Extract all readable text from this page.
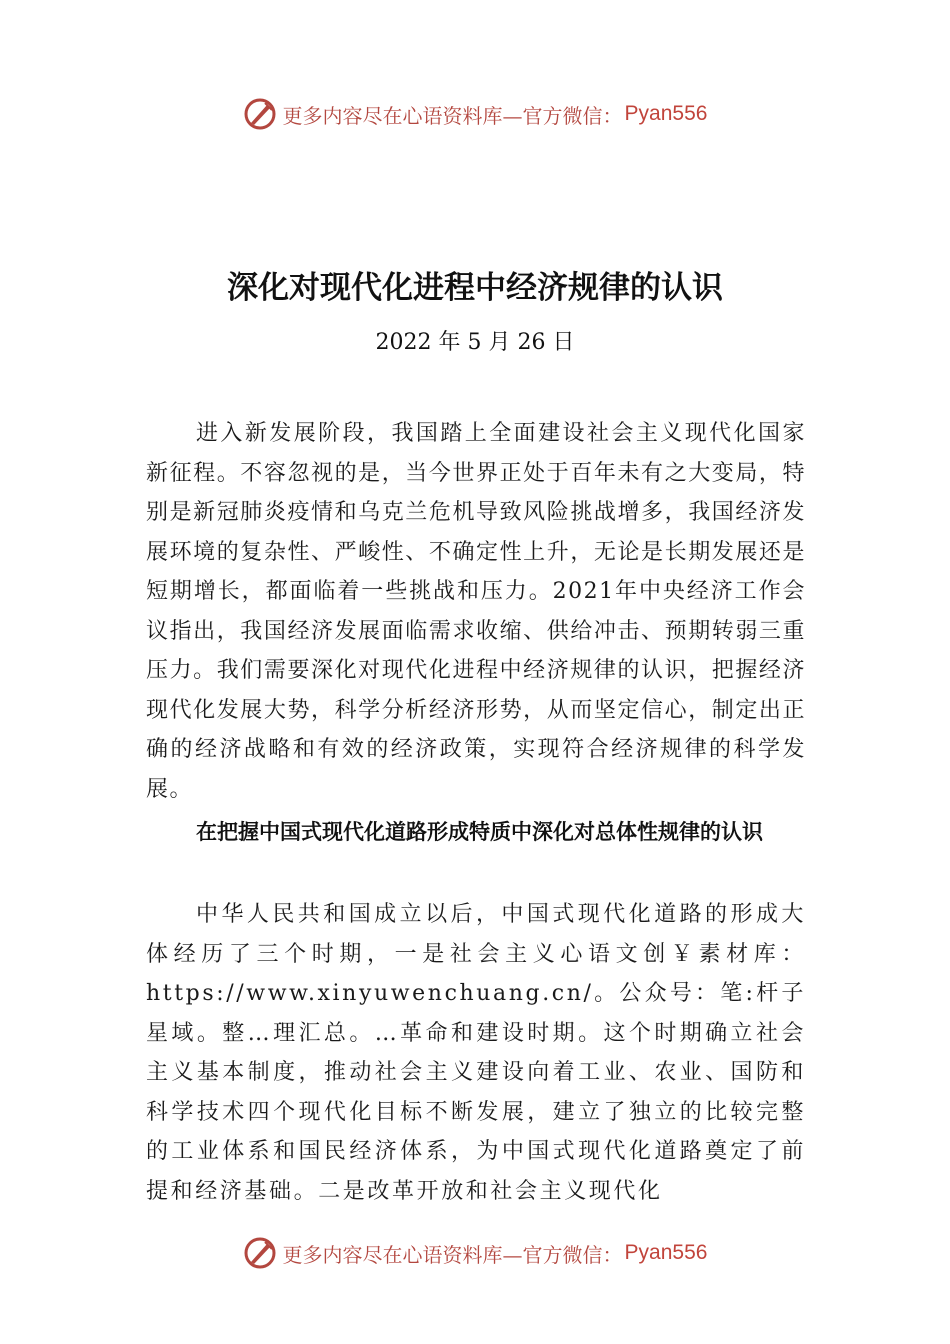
更多内容尽在心语资料库—官方微信： Pyan556
深化对现代化进程中经济规律的认识
2022 年 5 月 26 日

进入新发展阶段，我国踏上全面建设社会主义现代化国家新征程。不容忽视的是，当今世界正处于百年未有之大变局，特别是新冠肺炎疫情和乌克兰危机导致风险挑战增多，我国经济发展环境的复杂性、严峻性、不确定性上升，无论是长期发展还是短期增长，都面临着一些挑战和压力。2021年中央经济工作会议指出，我国经济发展面临需求收缩、供给冲击、预期转弱三重压力。我们需要深化对现代化进程中经济规律的认识，把握经济现代化发展大势，科学分析经济形势，从而坚定信心，制定出正确的经济战略和有效的经济政策，实现符合经济规律的科学发展。

在把握中国式现代化道路形成特质中深化对总体性规律的认识

中华人民共和国成立以后，中国式现代化道路的形成大体经历了三个时期，一是社会主义心语文创￥素材库：https://www.xinyuwenchuang.cn/。公众号：笔:杆子星域。整…理汇总。…革命和建设时期。这个时期确立社会主义基本制度，推动社会主义建设向着工业、农业、国防和科学技术四个现代化目标不断发展，建立了独立的比较完整的工业体系和国民经济体系，为中国式现代化道路奠定了前提和经济基础。二是改革开放和社会主义现代化

更多内容尽在心语资料库—官方微信： Pyan556
